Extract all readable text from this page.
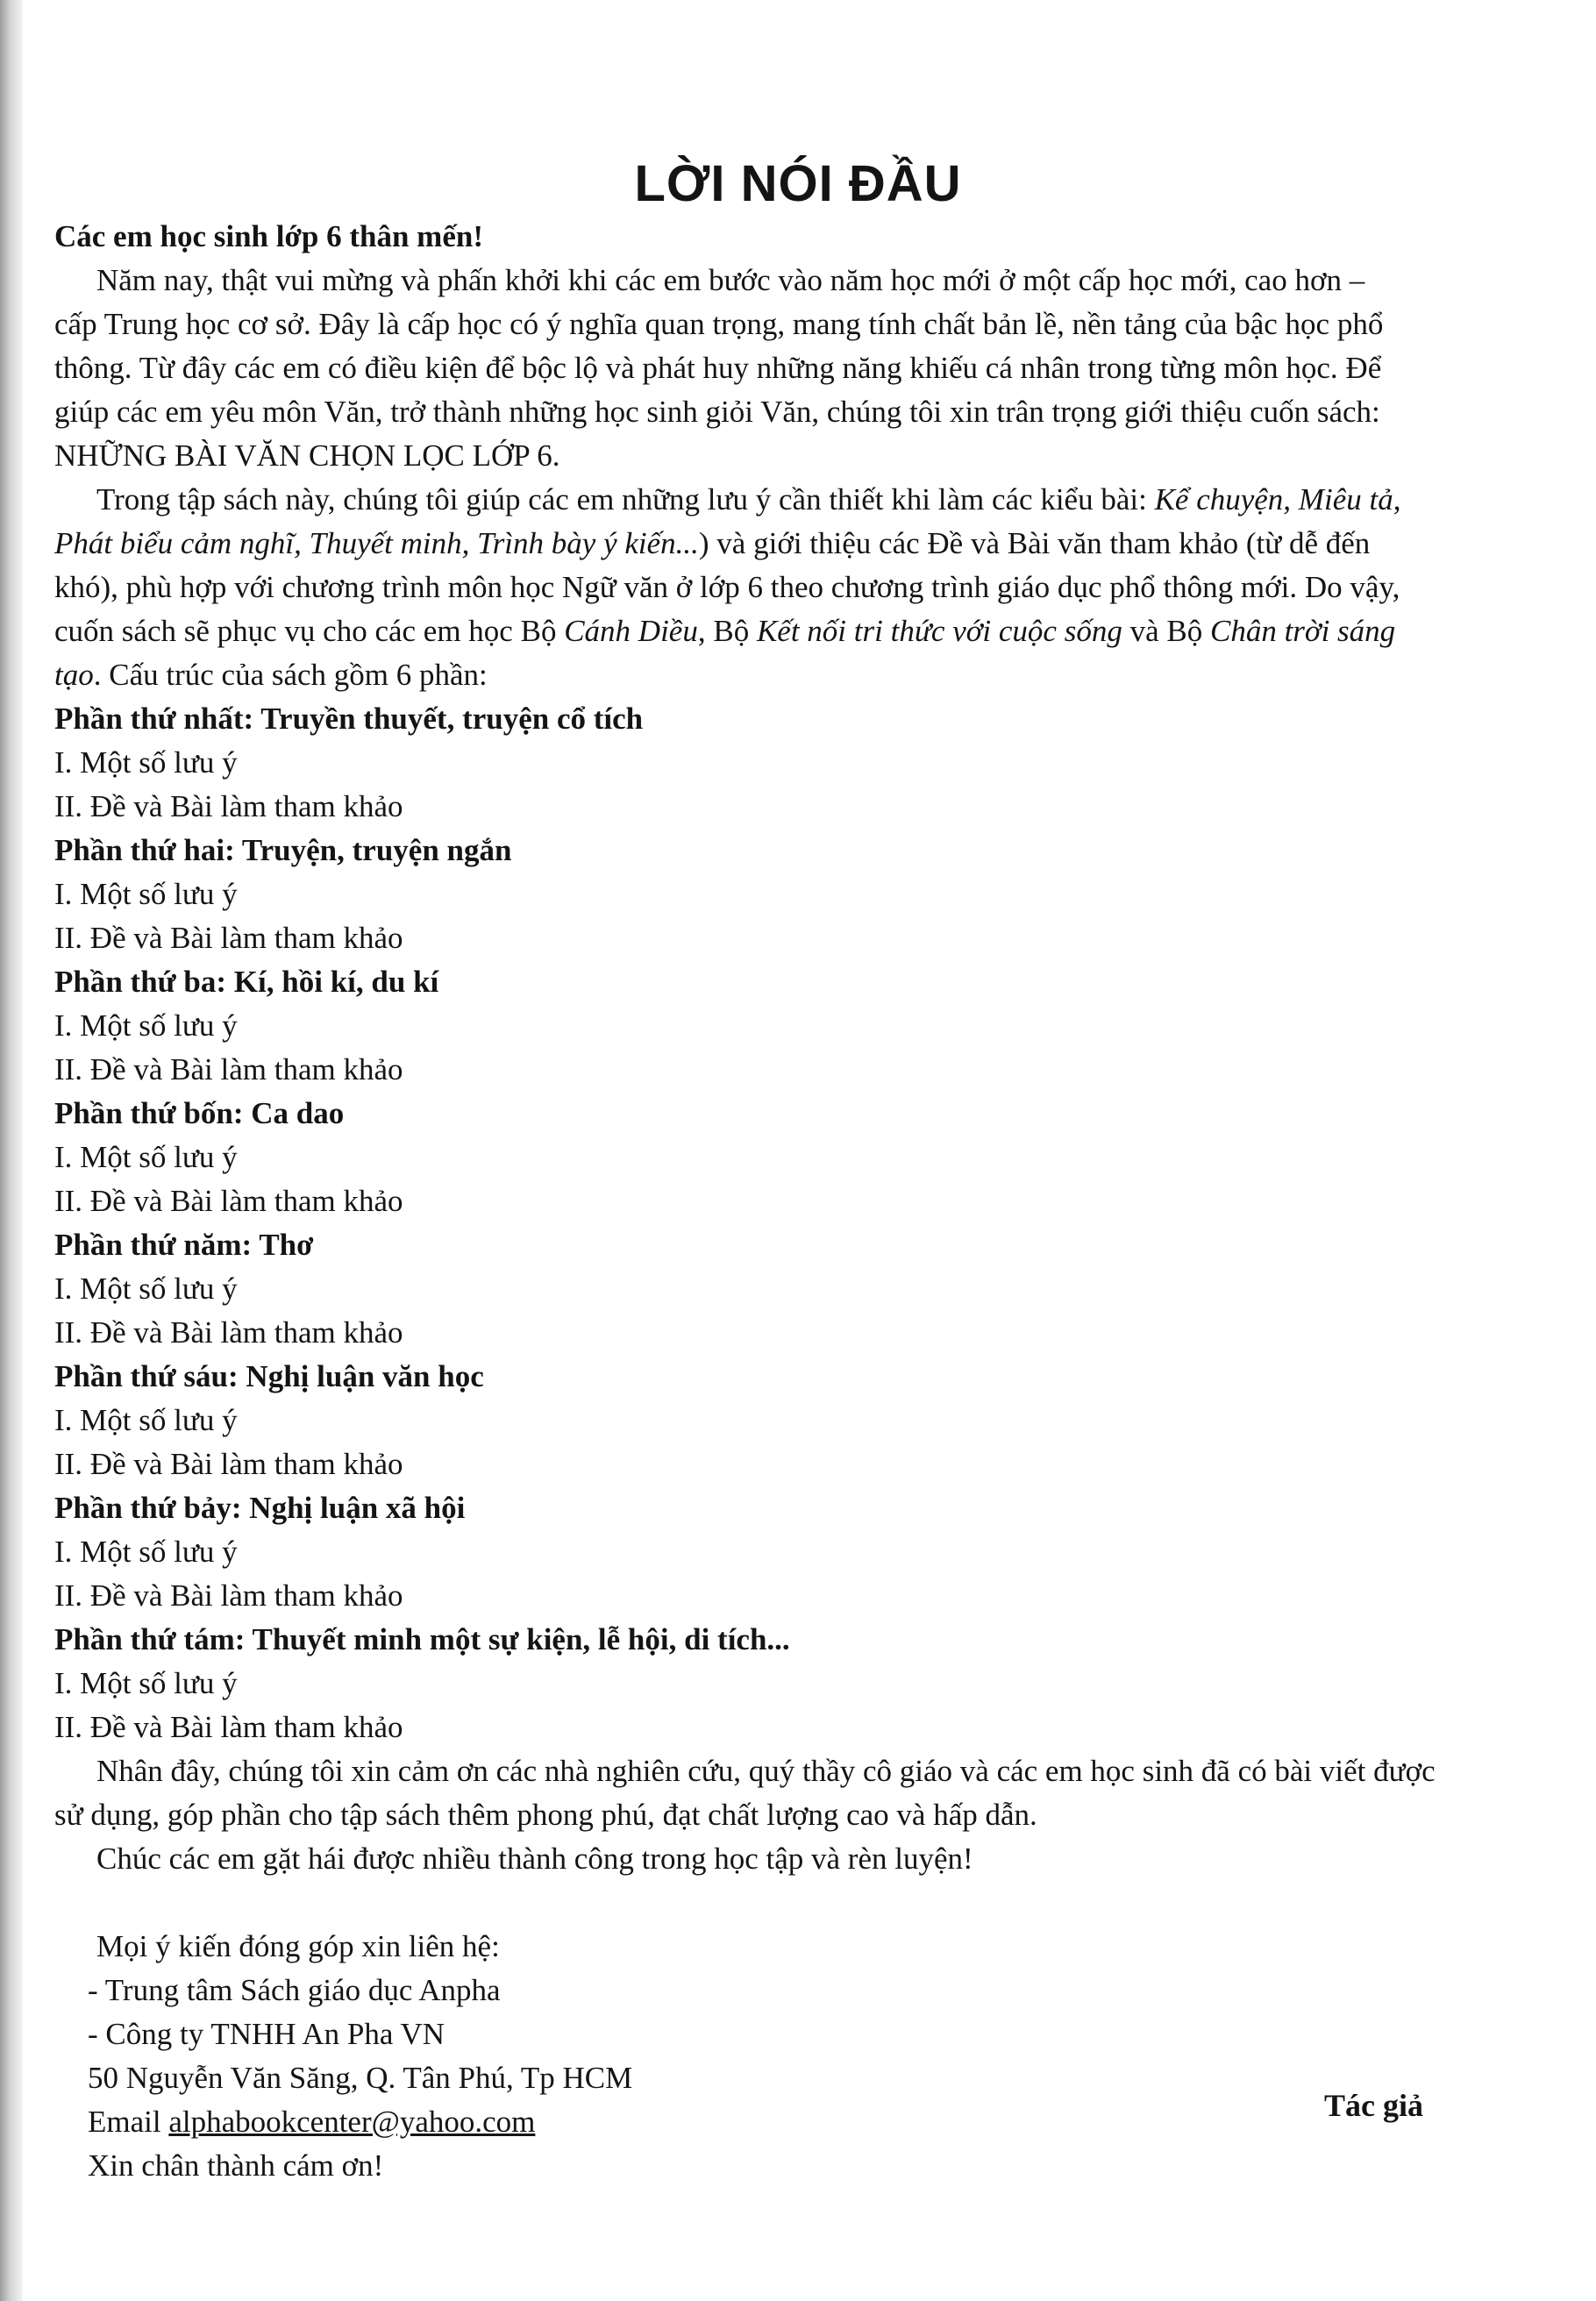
LỜI NÓI ĐẦU
Các em học sinh lớp 6 thân mến!
Năm nay, thật vui mừng và phấn khởi khi các em bước vào năm học mới ở một cấp học mới, cao hơn –
cấp Trung học cơ sở. Đây là cấp học có ý nghĩa quan trọng, mang tính chất bản lề, nền tảng của bậc học phổ
thông. Từ đây các em có điều kiện để bộc lộ và phát huy những năng khiếu cá nhân trong từng môn học. Để
giúp các em yêu môn Văn, trở thành những học sinh giỏi Văn, chúng tôi xin trân trọng giới thiệu cuốn sách:
NHỮNG BÀI VĂN CHỌN LỌC LỚP 6.
Trong tập sách này, chúng tôi giúp các em những lưu ý cần thiết khi làm các kiểu bài: Kể chuyện, Miêu tả,
Phát biểu cảm nghĩ, Thuyết minh, Trình bày ý kiến...) và giới thiệu các Đề và Bài văn tham khảo (từ dễ đến
khó), phù hợp với chương trình môn học Ngữ văn ở lớp 6 theo chương trình giáo dục phổ thông mới. Do vậy,
cuốn sách sẽ phục vụ cho các em học Bộ Cánh Diều, Bộ Kết nối tri thức với cuộc sống và Bộ Chân trời sáng
tạo. Cấu trúc của sách gồm 6 phần:
Phần thứ nhất: Truyền thuyết, truyện cổ tích
I. Một số lưu ý
II. Đề và Bài làm tham khảo
Phần thứ hai: Truyện, truyện ngắn
I. Một số lưu ý
II. Đề và Bài làm tham khảo
Phần thứ ba: Kí, hồi kí, du kí
I. Một số lưu ý
II. Đề và Bài làm tham khảo
Phần thứ bốn: Ca dao
I. Một số lưu ý
II. Đề và Bài làm tham khảo
Phần thứ năm: Thơ
I. Một số lưu ý
II. Đề và Bài làm tham khảo
Phần thứ sáu: Nghị luận văn học
I. Một số lưu ý
II. Đề và Bài làm tham khảo
Phần thứ bảy: Nghị luận xã hội
I. Một số lưu ý
II. Đề và Bài làm tham khảo
Phần thứ tám: Thuyết minh một sự kiện, lễ hội, di tích...
I. Một số lưu ý
II. Đề và Bài làm tham khảo
Nhân đây, chúng tôi xin cảm ơn các nhà nghiên cứu, quý thầy cô giáo và các em học sinh đã có bài viết được
sử dụng, góp phần cho tập sách thêm phong phú, đạt chất lượng cao và hấp dẫn.
Chúc các em gặt hái được nhiều thành công trong học tập và rèn luyện!
Mọi ý kiến đóng góp xin liên hệ:
- Trung tâm Sách giáo dục Anpha
- Công ty TNHH An Pha VN
50 Nguyễn Văn Săng, Q. Tân Phú, Tp HCM
Email alphabookcenter@yahoo.com
Xin chân thành cám ơn!
Tác giả
